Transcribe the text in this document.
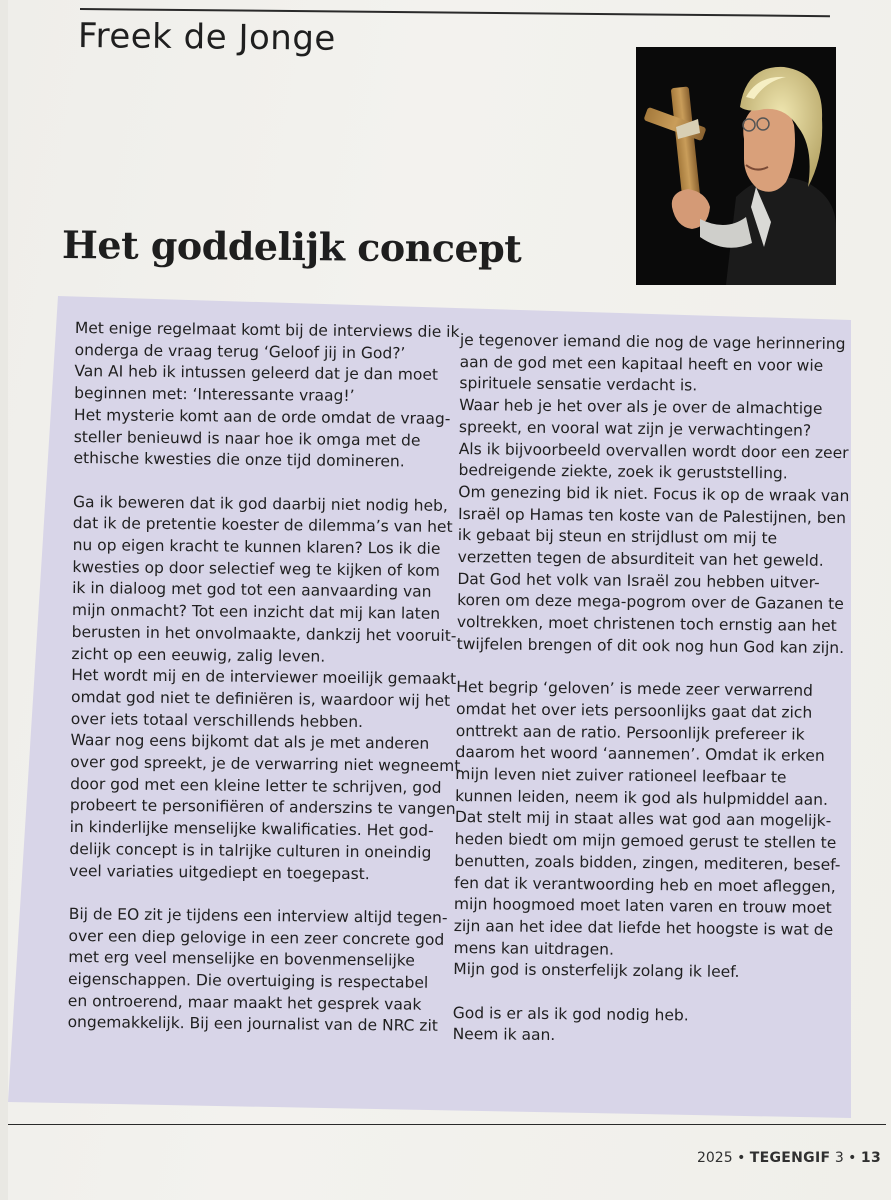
Freek de Jonge
Het goddelijk concept
Met enige regelmaat komt bij de interviews die ik
onderga de vraag terug ‘Geloof jij in God?’
Van AI heb ik intussen geleerd dat je dan moet
beginnen met: ‘Interessante vraag!’
Het mysterie komt aan de orde omdat de vraag-
steller benieuwd is naar hoe ik omga met de
ethische kwesties die onze tijd domineren.
Ga ik beweren dat ik god daarbij niet nodig heb,
dat ik de pretentie koester de dilemma’s van het
nu op eigen kracht te kunnen klaren? Los ik die
kwesties op door selectief weg te kijken of kom
ik in dialoog met god tot een aanvaarding van
mijn onmacht? Tot een inzicht dat mij kan laten
berusten in het onvolmaakte, dankzij het vooruit-
zicht op een eeuwig, zalig leven.
Het wordt mij en de interviewer moeilijk gemaakt
omdat god niet te definiëren is, waardoor wij het
over iets totaal verschillends hebben.
Waar nog eens bijkomt dat als je met anderen
over god spreekt, je de verwarring niet wegneemt
door god met een kleine letter te schrijven, god
probeert te personifiëren of anderszins te vangen
in kinderlijke menselijke kwalificaties. Het god-
delijk concept is in talrijke culturen in oneindig
veel variaties uitgediept en toegepast.
Bij de EO zit je tijdens een interview altijd tegen-
over een diep gelovige in een zeer concrete god
met erg veel menselijke en bovenmenselijke
eigenschappen. Die overtuiging is respectabel
en ontroerend, maar maakt het gesprek vaak
ongemakkelijk. Bij een journalist van de NRC zit
je tegenover iemand die nog de vage herinnering
aan de god met een kapitaal heeft en voor wie
spirituele sensatie verdacht is.
Waar heb je het over als je over de almachtige
spreekt, en vooral wat zijn je verwachtingen?
Als ik bijvoorbeeld overvallen wordt door een zeer
bedreigende ziekte, zoek ik geruststelling.
Om genezing bid ik niet. Focus ik op de wraak van
Israël op Hamas ten koste van de Palestijnen, ben
ik gebaat bij steun en strijdlust om mij te
verzetten tegen de absurditeit van het geweld.
Dat God het volk van Israël zou hebben uitver-
koren om deze mega-pogrom over de Gazanen te
voltrekken, moet christenen toch ernstig aan het
twijfelen brengen of dit ook nog hun God kan zijn.
Het begrip ‘geloven’ is mede zeer verwarrend
omdat het over iets persoonlijks gaat dat zich
onttrekt aan de ratio. Persoonlijk prefereer ik
daarom het woord ‘aannemen’. Omdat ik erken
mijn leven niet zuiver rationeel leefbaar te
kunnen leiden, neem ik god als hulpmiddel aan.
Dat stelt mij in staat alles wat god aan mogelijk-
heden biedt om mijn gemoed gerust te stellen te
benutten, zoals bidden, zingen, mediteren, besef-
fen dat ik verantwoording heb en moet afleggen,
mijn hoogmoed moet laten varen en trouw moet
zijn aan het idee dat liefde het hoogste is wat de
mens kan uitdragen.
Mijn god is onsterfelijk zolang ik leef.
God is er als ik god nodig heb.
Neem ik aan.
2025 • TEGENGIF 3 • 13
